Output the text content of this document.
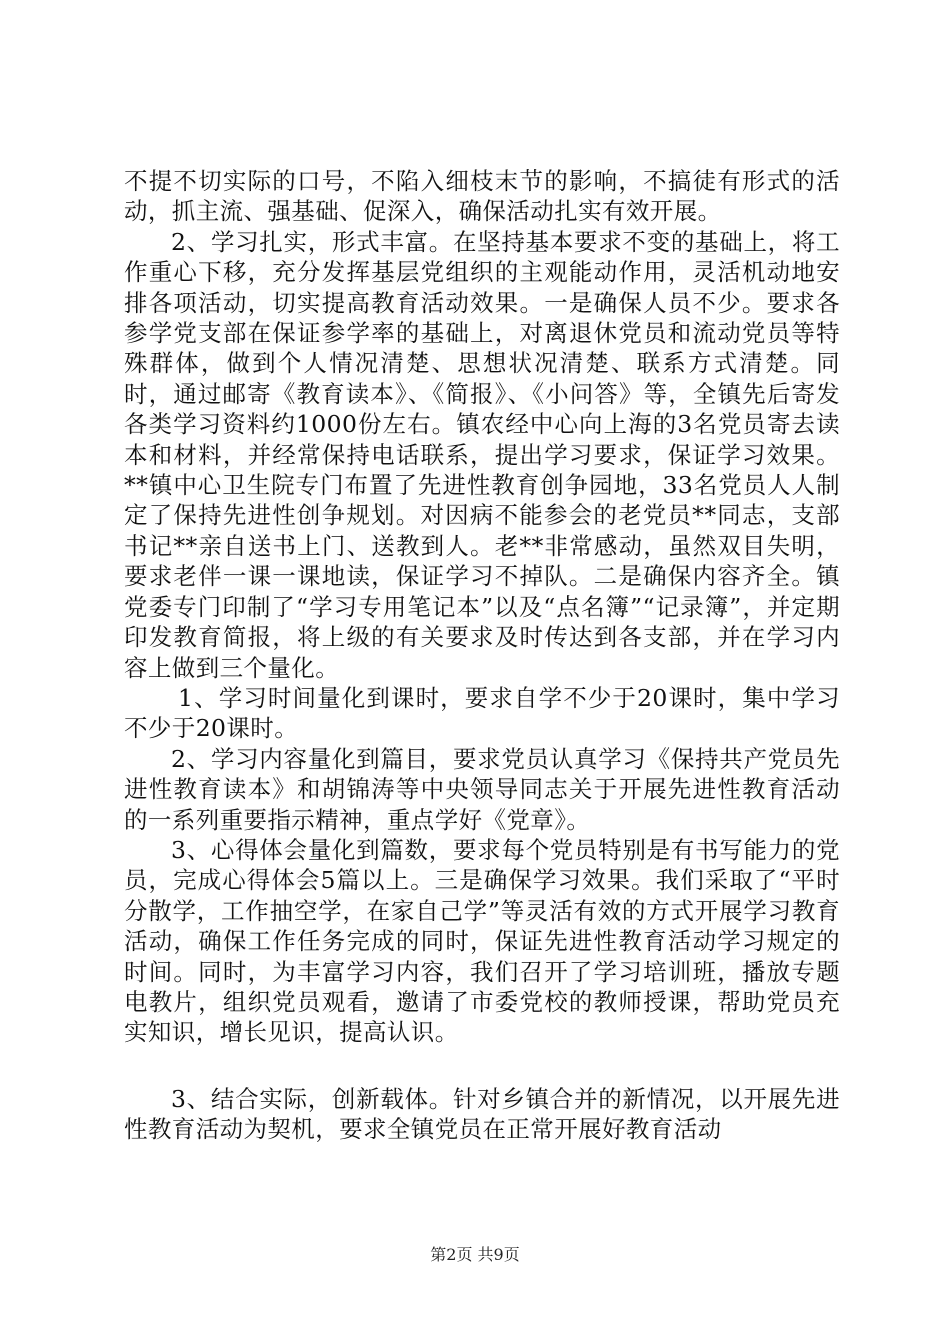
不提不切实际的口号，不陷入细枝末节的影响，不搞徒有形式的活动，抓主流、强基础、促深入，确保活动扎实有效开展。

2、学习扎实，形式丰富。在坚持基本要求不变的基础上，将工作重心下移，充分发挥基层党组织的主观能动作用，灵活机动地安排各项活动，切实提高教育活动效果。一是确保人员不少。要求各参学党支部在保证参学率的基础上，对离退休党员和流动党员等特殊群体，做到个人情况清楚、思想状况清楚、联系方式清楚。同时，通过邮寄《教育读本》、《简报》、《小问答》等，全镇先后寄发各类学习资料约1000份左右。镇农经中心向上海的3名党员寄去读本和材料，并经常保持电话联系，提出学习要求，保证学习效果。**镇中心卫生院专门布置了先进性教育创争园地，33名党员人人制定了保持先进性创争规划。对因病不能参会的老党员**同志，支部书记**亲自送书上门、送教到人。老**非常感动，虽然双目失明，要求老伴一课一课地读，保证学习不掉队。二是确保内容齐全。镇党委专门印制了“学习专用笔记本”以及“点名簿”“记录簿”，并定期印发教育简报，将上级的有关要求及时传达到各支部，并在学习内容上做到三个量化。

1、学习时间量化到课时，要求自学不少于20课时，集中学习不少于20课时。

2、学习内容量化到篇目，要求党员认真学习《保持共产党员先进性教育读本》和胡锦涛等中央领导同志关于开展先进性教育活动的一系列重要指示精神，重点学好《党章》。

3、心得体会量化到篇数，要求每个党员特别是有书写能力的党员，完成心得体会5篇以上。三是确保学习效果。我们采取了“平时分散学，工作抽空学，在家自己学”等灵活有效的方式开展学习教育活动，确保工作任务完成的同时，保证先进性教育活动学习规定的时间。同时，为丰富学习内容，我们召开了学习培训班，播放专题电教片，组织党员观看，邀请了市委党校的教师授课，帮助党员充实知识，增长见识，提高认识。

3、结合实际，创新载体。针对乡镇合并的新情况，以开展先进性教育活动为契机，要求全镇党员在正常开展好教育活动

第2页 共9页
